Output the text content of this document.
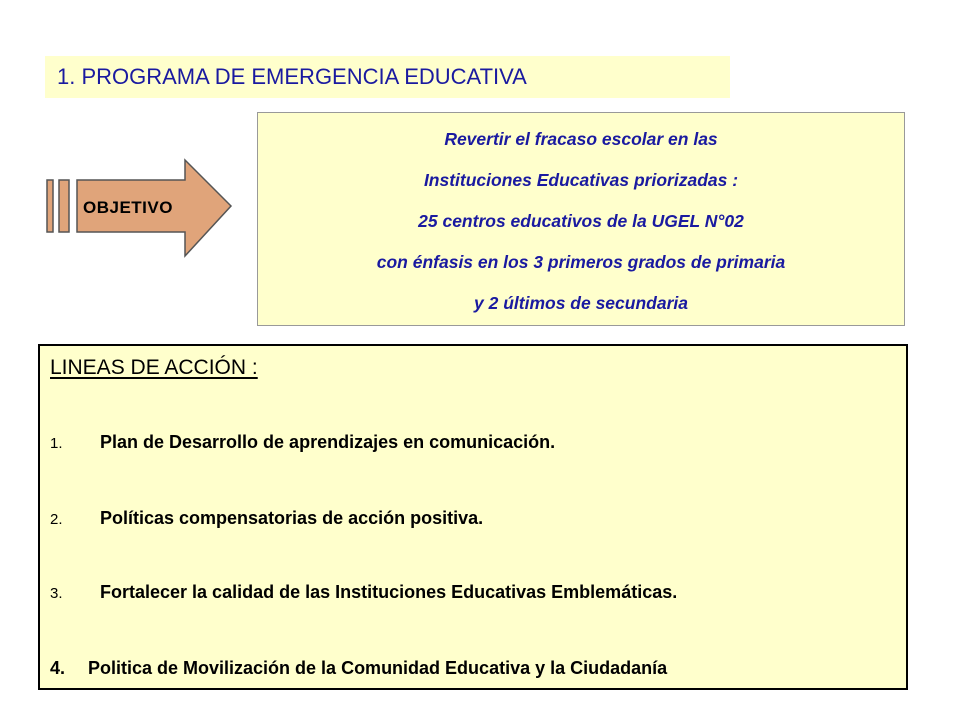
1. PROGRAMA DE EMERGENCIA EDUCATIVA
OBJETIVO
Revertir el fracaso escolar en las
Instituciones Educativas priorizadas :
25 centros educativos de la UGEL N°02
con énfasis en los 3 primeros grados de primaria
y 2 últimos de secundaria
LINEAS DE ACCIÓN :
1. Plan de Desarrollo de aprendizajes en comunicación.
2. Políticas compensatorias de acción positiva.
3. Fortalecer la calidad de las Instituciones Educativas Emblemáticas.
4. Politica de Movilización de la Comunidad Educativa y la Ciudadanía
